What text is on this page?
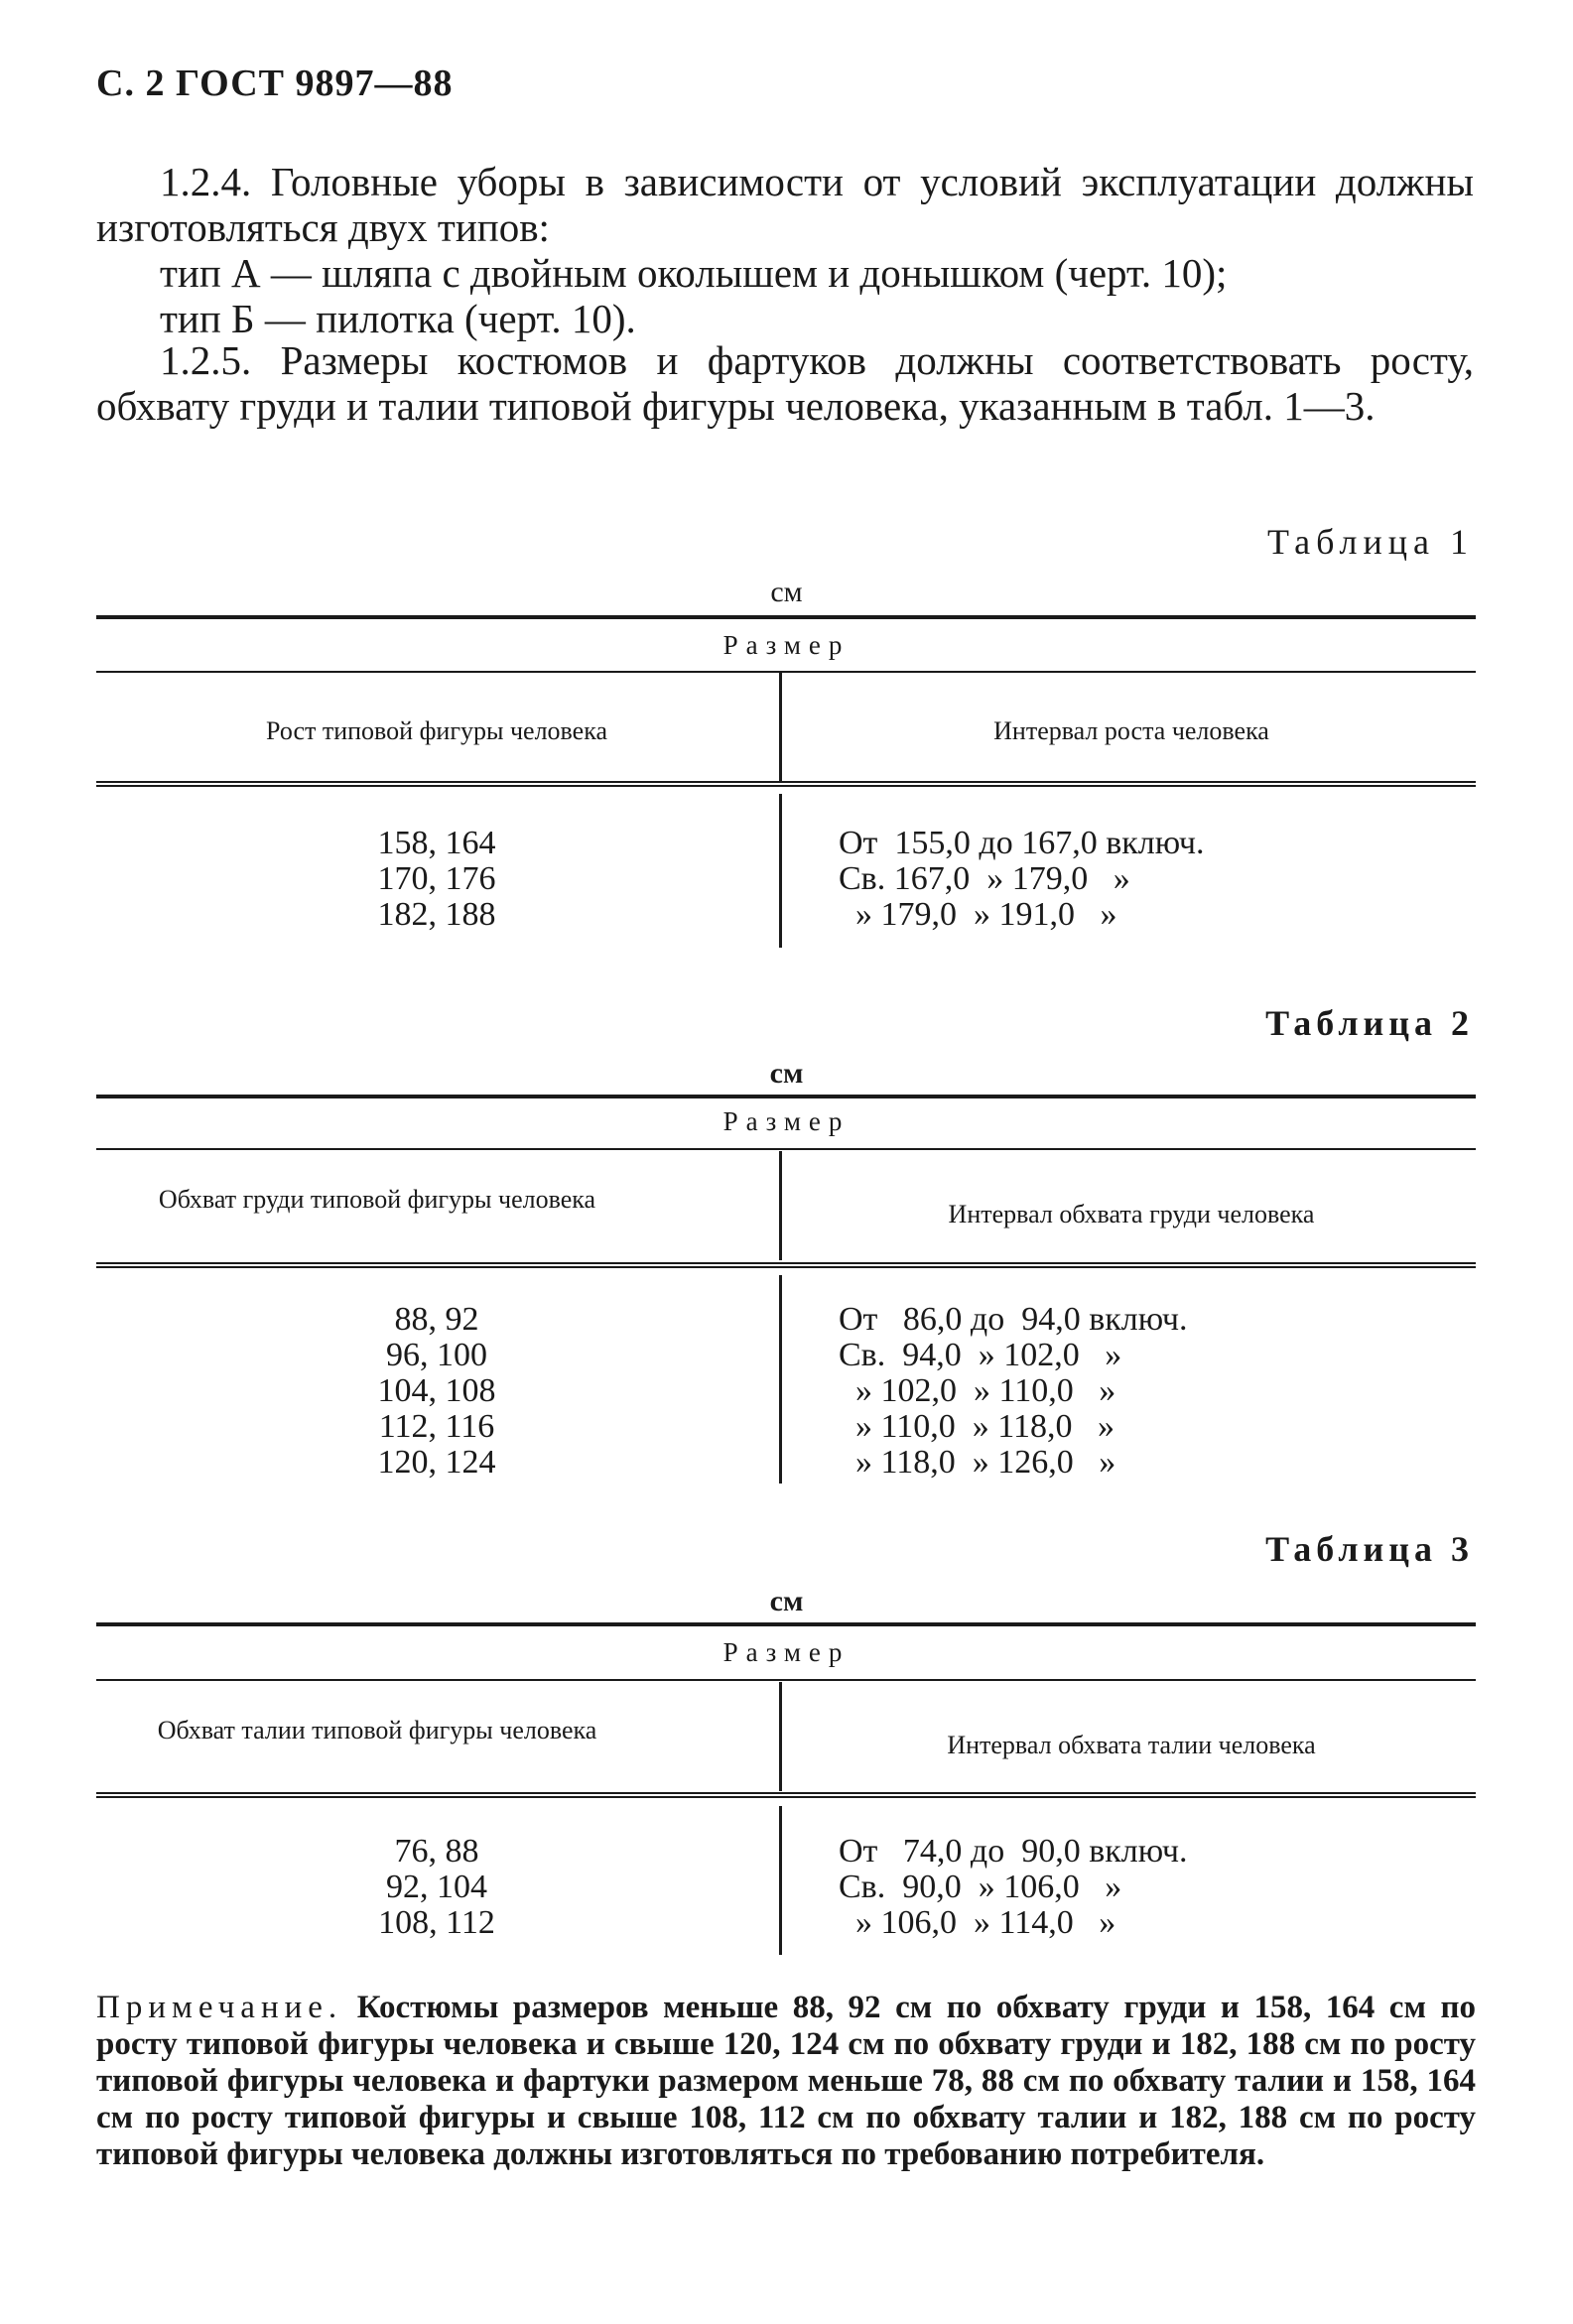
С. 2 ГОСТ 9897—88
1.2.4. Головные уборы в зависимости от условий эксплуатации должны изготовляться двух типов:
тип А — шляпа с двойным околышем и донышком (черт. 10);
тип Б — пилотка (черт. 10).
1.2.5. Размеры костюмов и фартуков должны соответствовать росту, обхвату груди и талии типовой фигуры человека, указанным в табл. 1—3.
Таблица 1
см
Размер
Рост типовой фигуры человека	Интервал роста человека
158, 164
170, 176
182, 188
От  155,0 до 167,0 включ.
Св. 167,0  » 179,0   »
» 179,0  » 191,0   »
Таблица 2
см
Размер
Обхват груди типовой фигуры человека
Интервал обхвата груди человека
88, 92
96, 100
104, 108
112, 116
120, 124
От   86,0 до  94,0 включ.
Св.  94,0  » 102,0   »
» 102,0  » 110,0   »
» 110,0  » 118,0   »
» 118,0  » 126,0   »
Таблица 3
см
Размер
Обхват талии типовой фигуры человека
Интервал обхвата талии человека
76, 88
92, 104
108, 112
От   74,0 до  90,0 включ.
Св.  90,0  » 106,0   »
» 106,0  » 114,0   »
Примечание. Костюмы размеров меньше 88, 92 см по обхвату груди и 158, 164 см по росту типовой фигуры человека и свыше 120, 124 см по обхвату груди и 182, 188 см по росту типовой фигуры человека и фартуки размером меньше 78, 88 см по обхвату талии и 158, 164 см по росту типовой фигуры и свыше 108, 112 см по обхвату талии и 182, 188 см по росту типовой фигуры человека должны изготовляться по требованию потребителя.
